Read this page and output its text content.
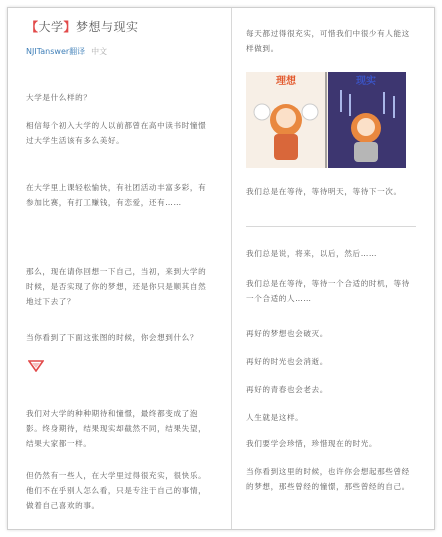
【大学】梦想与现实
NJITanswer翻译 中文
大学是什么样的？
相信每个初入大学的人以前都曾在高中读书时憧憬过大学生活该有多么美好。
在大学里上课轻松愉快，有社团活动丰富多彩，有参加比赛，有打工赚钱，有恋爱，还有……
那么，现在请你回想一下自己，当初，来到大学的时候，是否实现了你的梦想，还是你只是顺其自然地过下去了？
当你看到了下面这张图的时候，你会想到什么？
我们对大学的种种期待和憧憬，最终都变成了泡影。终身期待，结果现实却截然不同，结果失望，结果大家都一样。
但仍然有一些人，在大学里过得很充实，很快乐。他们不在乎别人怎么看，只是专注于自己的事情，做着自己喜欢的事。
每天都过得很充实，可惜我们中很少有人能这样做到。
理想	现实
我们总是在等待，等待明天，等待下一次。
我们总是说，将来，以后，然后……
我们总是在等待，等待一个合适的时机，等待一个合适的人……
再好的梦想也会破灭。
再好的时光也会消逝。
再好的青春也会老去。
人生就是这样。
我们要学会珍惜，珍惜现在的时光。
当你看到这里的时候，也许你会想起那些曾经的梦想，那些曾经的憧憬，那些曾经的自己。
